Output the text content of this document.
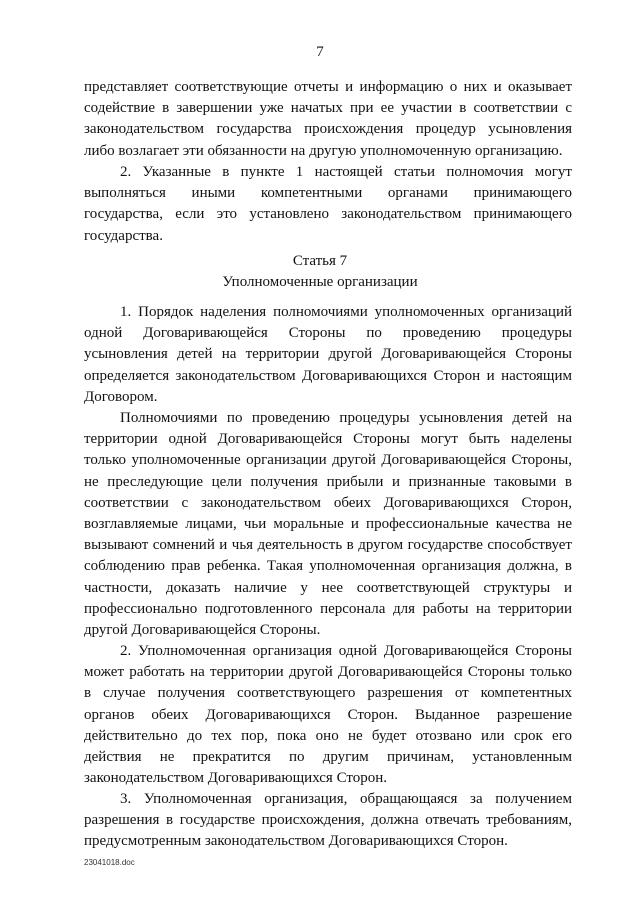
7
представляет соответствующие отчеты и информацию о них и оказывает
содействие в завершении уже начатых при ее участии в соответствии с
законодательством государства происхождения процедур усыновления
либо возлагает эти обязанности на другую уполномоченную организацию.
2. Указанные в пункте 1 настоящей статьи полномочия могут
выполняться иными компетентными органами принимающего
государства, если это установлено законодательством принимающего
государства.
Статья 7
Уполномоченные организации
1. Порядок наделения полномочиями уполномоченных организаций
одной Договаривающейся Стороны по проведению процедуры
усыновления детей на территории другой Договаривающейся Стороны
определяется законодательством Договаривающихся Сторон и настоящим
Договором.
Полномочиями по проведению процедуры усыновления детей на
территории одной Договаривающейся Стороны могут быть наделены
только уполномоченные организации другой Договаривающейся Стороны,
не преследующие цели получения прибыли и признанные таковыми в
соответствии с законодательством обеих Договаривающихся Сторон,
возглавляемые лицами, чьи моральные и профессиональные качества не
вызывают сомнений и чья деятельность в другом государстве способствует
соблюдению прав ребенка. Такая уполномоченная организация должна, в
частности, доказать наличие у нее соответствующей структуры и
профессионально подготовленного персонала для работы на территории
другой Договаривающейся Стороны.
2. Уполномоченная организация одной Договаривающейся Стороны
может работать на территории другой Договаривающейся Стороны только
в случае получения соответствующего разрешения от компетентных
органов обеих Договаривающихся Сторон. Выданное разрешение
действительно до тех пор, пока оно не будет отозвано или срок его
действия не прекратится по другим причинам, установленным
законодательством Договаривающихся Сторон.
3. Уполномоченная организация, обращающаяся за получением
разрешения в государстве происхождения, должна отвечать требованиям,
предусмотренным законодательством Договаривающихся Сторон.
23041018.doc
